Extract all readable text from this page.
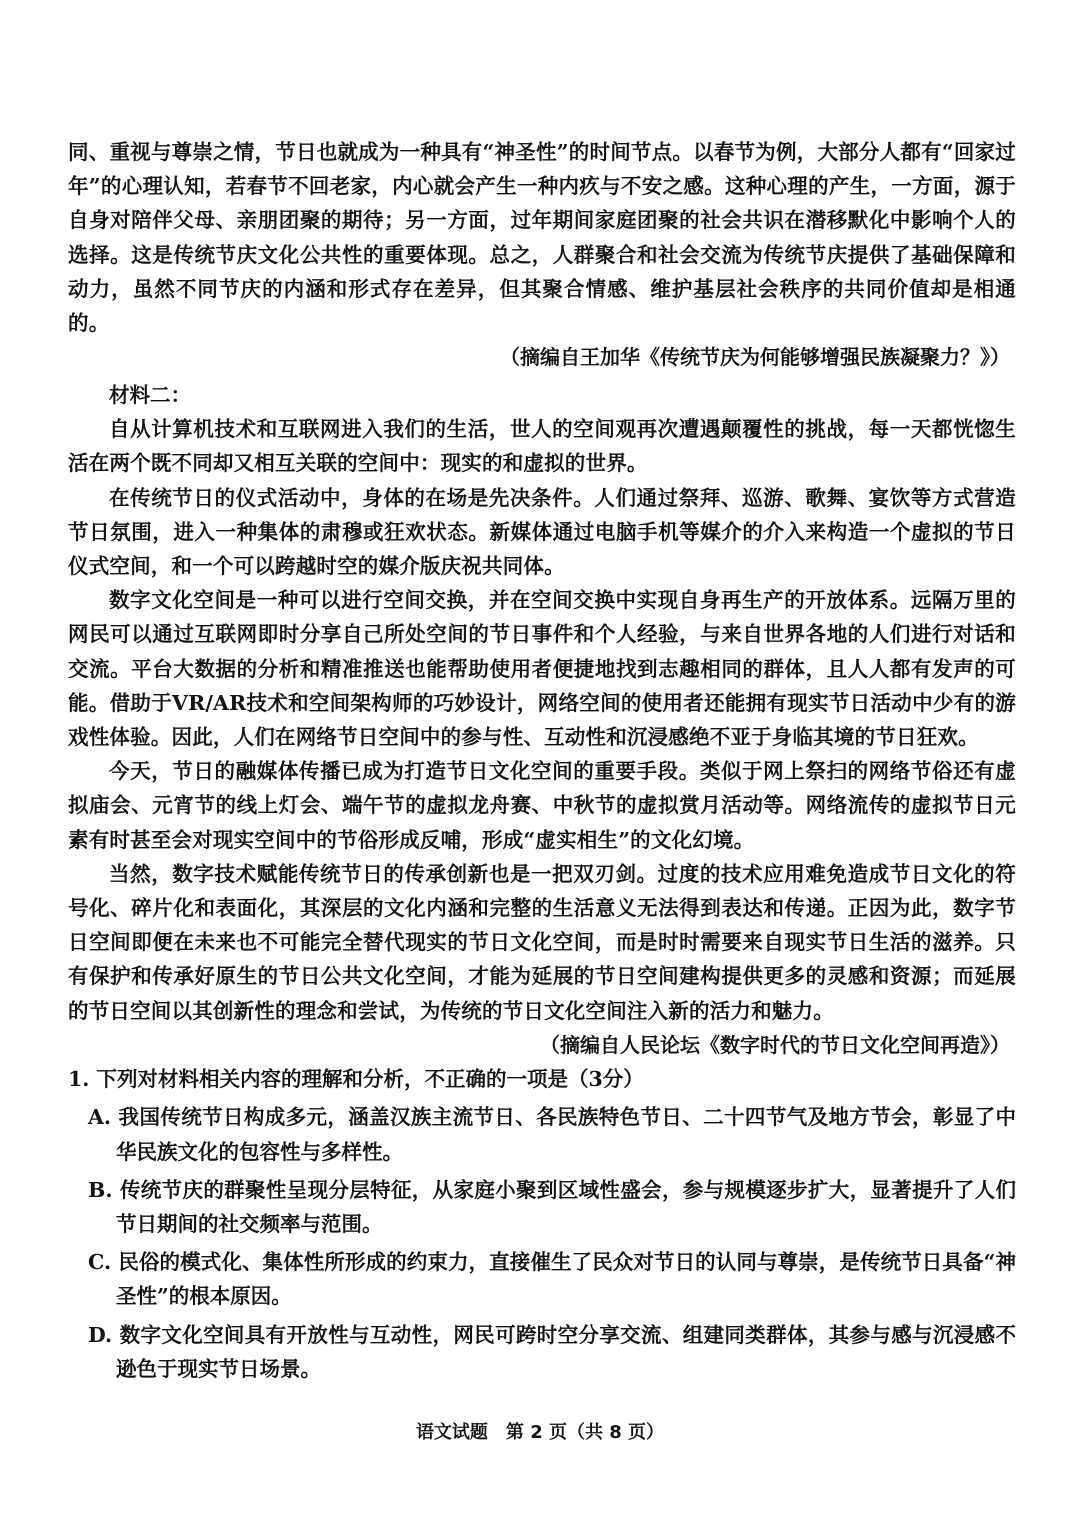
同、重视与尊崇之情，节日也就成为一种具有“神圣性”的时间节点。以春节为例，大部分人都有“回家过年”的心理认知，若春节不回老家，内心就会产生一种内疚与不安之感。这种心理的产生，一方面，源于自身对陪伴父母、亲朋团聚的期待；另一方面，过年期间家庭团聚的社会共识在潜移默化中影响个人的选择。这是传统节庆文化公共性的重要体现。总之，人群聚合和社会交流为传统节庆提供了基础保障和动力，虽然不同节庆的内涵和形式存在差异，但其聚合情感、维护基层社会秩序的共同价值却是相通的。

（摘编自王加华《传统节庆为何能够增强民族凝聚力？》）

材料二：

自从计算机技术和互联网进入我们的生活，世人的空间观再次遭遇颠覆性的挑战，每一天都恍惚生活在两个既不同却又相互关联的空间中：现实的和虚拟的世界。

在传统节日的仪式活动中，身体的在场是先决条件。人们通过祭拜、巡游、歌舞、宴饮等方式营造节日氛围，进入一种集体的肃穆或狂欢状态。新媒体通过电脑手机等媒介的介入来构造一个虚拟的节日仪式空间，和一个可以跨越时空的媒介版庆祝共同体。

数字文化空间是一种可以进行空间交换，并在空间交换中实现自身再生产的开放体系。远隔万里的网民可以通过互联网即时分享自己所处空间的节日事件和个人经验，与来自世界各地的人们进行对话和交流。平台大数据的分析和精准推送也能帮助使用者便捷地找到志趣相同的群体，且人人都有发声的可能。借助于VR/AR技术和空间架构师的巧妙设计，网络空间的使用者还能拥有现实节日活动中少有的游戏性体验。因此，人们在网络节日空间中的参与性、互动性和沉浸感绝不亚于身临其境的节日狂欢。

今天，节日的融媒体传播已成为打造节日文化空间的重要手段。类似于网上祭扫的网络节俗还有虚拟庙会、元宵节的线上灯会、端午节的虚拟龙舟赛、中秋节的虚拟赏月活动等。网络流传的虚拟节日元素有时甚至会对现实空间中的节俗形成反哺，形成“虚实相生”的文化幻境。

当然，数字技术赋能传统节日的传承创新也是一把双刃剑。过度的技术应用难免造成节日文化的符号化、碎片化和表面化，其深层的文化内涵和完整的生活意义无法得到表达和传递。正因为此，数字节日空间即便在未来也不可能完全替代现实的节日文化空间，而是时时需要来自现实节日生活的滋养。只有保护和传承好原生的节日公共文化空间，才能为延展的节日空间建构提供更多的灵感和资源；而延展的节日空间以其创新性的理念和尝试，为传统的节日文化空间注入新的活力和魅力。

（摘编自人民论坛《数字时代的节日文化空间再造》）

1. 下列对材料相关内容的理解和分析，不正确的一项是（3分）

A. 我国传统节日构成多元，涵盖汉族主流节日、各民族特色节日、二十四节气及地方节会，彰显了中华民族文化的包容性与多样性。

B. 传统节庆的群聚性呈现分层特征，从家庭小聚到区域性盛会，参与规模逐步扩大，显著提升了人们节日期间的社交频率与范围。

C. 民俗的模式化、集体性所形成的约束力，直接催生了民众对节日的认同与尊崇，是传统节日具备“神圣性”的根本原因。

D. 数字文化空间具有开放性与互动性，网民可跨时空分享交流、组建同类群体，其参与感与沉浸感不逊色于现实节日场景。

语文试题　第 2 页（共 8 页）
